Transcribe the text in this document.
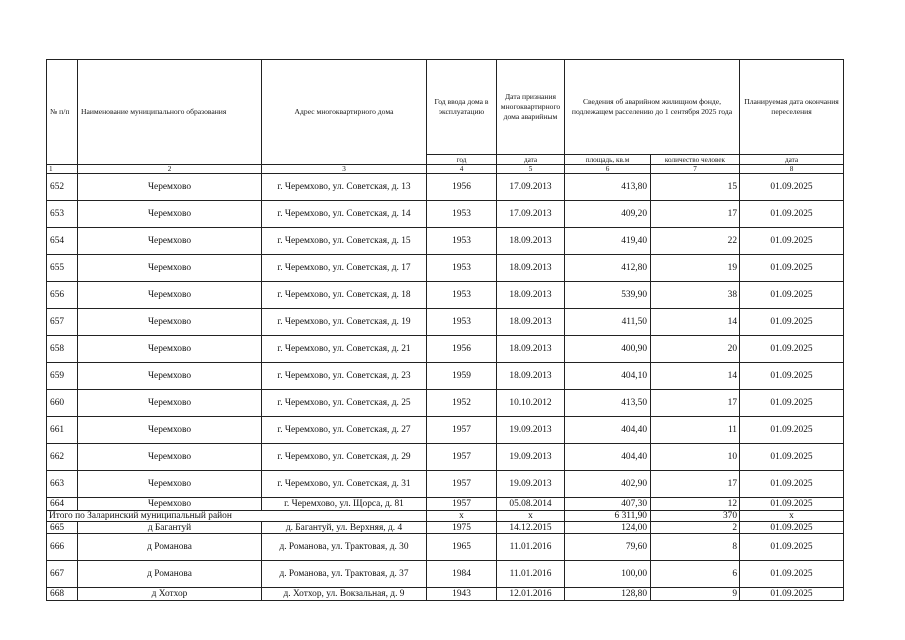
№ п/п	Наименование муниципального образования	Адрес многоквартирного дома	Год ввода дома в эксплуатацию	Дата признания многоквартирного дома аварийным	Сведения об аварийном жилищном фонде, подлежащем расселению до 1 сентября 2025 года		Планируемая дата окончания переселения
			год	дата	площадь, кв.м	количество человек	дата
1	2	3	4	5	6	7	8
652	Черемхово	г. Черемхово, ул. Советская, д. 13	1956	17.09.2013	413,80	15	01.09.2025
653	Черемхово	г. Черемхово, ул. Советская, д. 14	1953	17.09.2013	409,20	17	01.09.2025
654	Черемхово	г. Черемхово, ул. Советская, д. 15	1953	18.09.2013	419,40	22	01.09.2025
655	Черемхово	г. Черемхово, ул. Советская, д. 17	1953	18.09.2013	412,80	19	01.09.2025
656	Черемхово	г. Черемхово, ул. Советская, д. 18	1953	18.09.2013	539,90	38	01.09.2025
657	Черемхово	г. Черемхово, ул. Советская, д. 19	1953	18.09.2013	411,50	14	01.09.2025
658	Черемхово	г. Черемхово, ул. Советская, д. 21	1956	18.09.2013	400,90	20	01.09.2025
659	Черемхово	г. Черемхово, ул. Советская, д. 23	1959	18.09.2013	404,10	14	01.09.2025
660	Черемхово	г. Черемхово, ул. Советская, д. 25	1952	10.10.2012	413,50	17	01.09.2025
661	Черемхово	г. Черемхово, ул. Советская, д. 27	1957	19.09.2013	404,40	11	01.09.2025
662	Черемхово	г. Черемхово, ул. Советская, д. 29	1957	19.09.2013	404,40	10	01.09.2025
663	Черемхово	г. Черемхово, ул. Советская, д. 31	1957	19.09.2013	402,90	17	01.09.2025
664	Черемхово	г. Черемхово, ул. Щорса, д. 81	1957	05.08.2014	407,30	12	01.09.2025
Итого по Заларинский муниципальный район			x	x	6 311,90	370	x
665	д Багантуй	д. Багантуй, ул. Верхняя, д. 4	1975	14.12.2015	124,00	2	01.09.2025
666	д Романова	д. Романова, ул. Трактовая, д. 30	1965	11.01.2016	79,60	8	01.09.2025
667	д Романова	д. Романова, ул. Трактовая, д. 37	1984	11.01.2016	100,00	6	01.09.2025
668	д Хотхор	д. Хотхор, ул. Вокзальная, д. 9	1943	12.01.2016	128,80	9	01.09.2025
